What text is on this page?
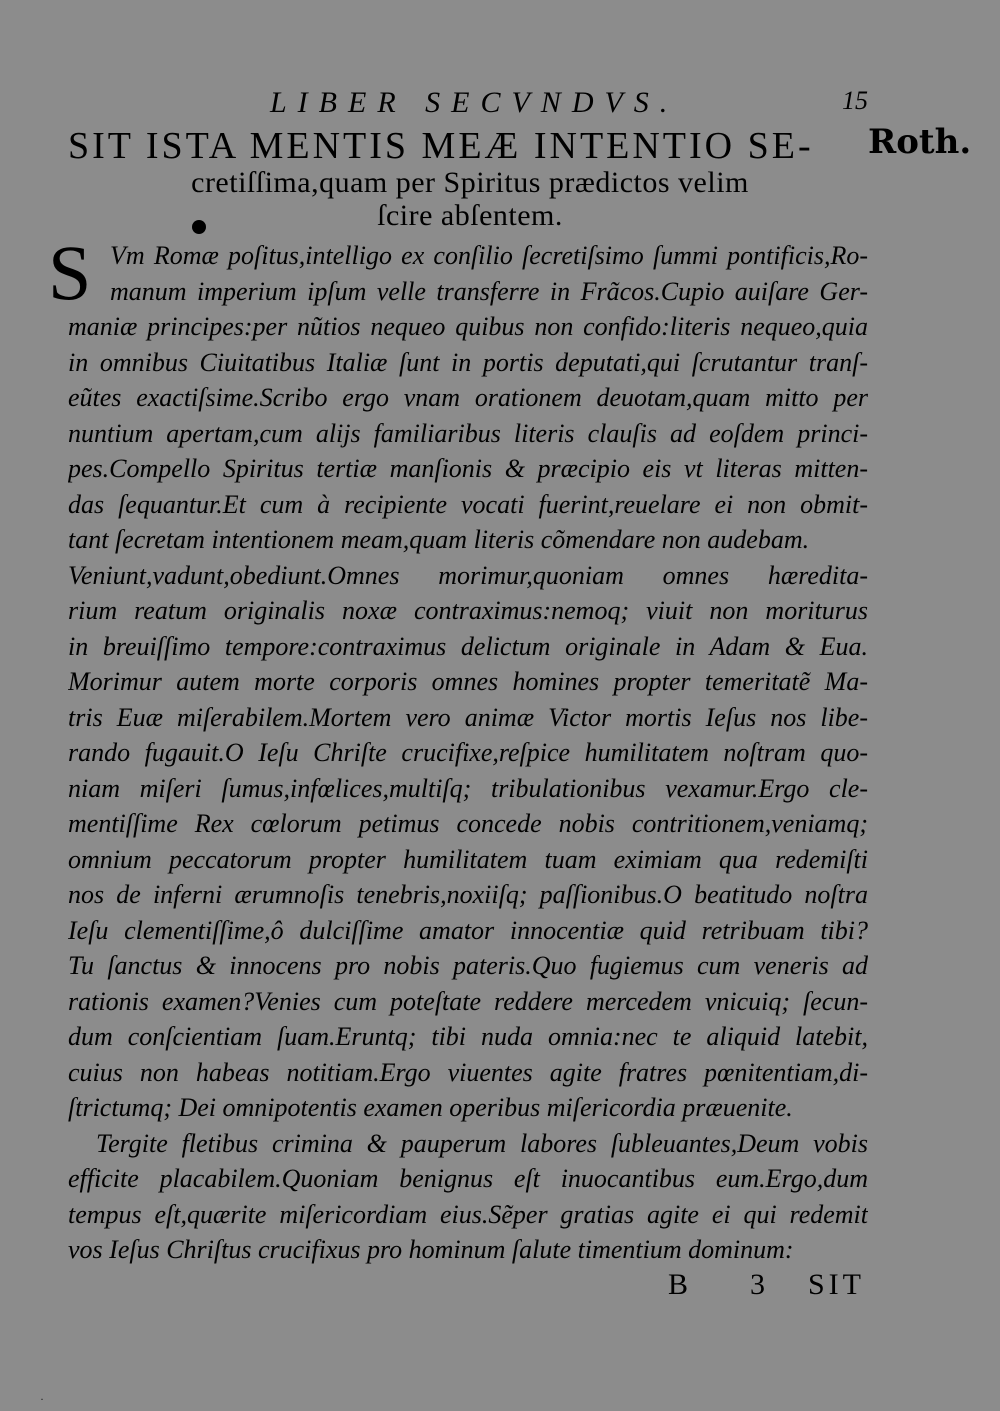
LIBER SECVNDVS.	15
Roth.
SIT ISTA MENTIS MEÆ INTENTIO SE-
cretiſſima,quam per Spiritus prædictos velim
ſcire abſentem.
S Vm Romæ poſitus,intelligo ex conſilio ſecretiſsimo ſummi pontificis,Ro-
manum imperium ipſum velle transferre in Frãcos.Cupio auiſare Ger-
maniæ principes:per nũtios nequeo quibus non confido:literis nequeo,quia
in omnibus Ciuitatibus Italiæ ſunt in portis deputati,qui ſcrutantur tranſ-
eũtes exactiſsime.Scribo ergo vnam orationem deuotam,quam mitto per
nuntium apertam,cum alijs familiaribus literis clauſis ad eoſdem princi-
pes.Compello Spiritus tertiæ manſionis & præcipio eis vt literas mitten-
das ſequantur.Et cum à recipiente vocati fuerint,reuelare ei non obmit-
tant ſecretam intentionem meam,quam literis cõmendare non audebam.
Veniunt,vadunt,obediunt.Omnes morimur,quoniam omnes hæredita-
rium reatum originalis noxæ contraximus:nemoq; viuit non moriturus
in breuiſſimo tempore:contraximus delictum originale in Adam & Eua.
Morimur autem morte corporis omnes homines propter temeritatẽ Ma-
tris Euæ miſerabilem.Mortem vero animæ Victor mortis Ieſus nos libe-
rando fugauit.O Ieſu Chriſte crucifixe,reſpice humilitatem noſtram quo-
niam miſeri ſumus,infœlices,multiſq; tribulationibus vexamur.Ergo cle-
mentiſſime Rex cœlorum petimus concede nobis contritionem,veniamq;
omnium peccatorum propter humilitatem tuam eximiam qua redemiſti
nos de inferni ærumnoſis tenebris,noxiiſq; paſſionibus.O beatitudo noſtra
Ieſu clementiſſime,ô dulciſſime amator innocentiæ quid retribuam tibi?
Tu ſanctus & innocens pro nobis pateris.Quo fugiemus cum veneris ad
rationis examen?Venies cum poteſtate reddere mercedem vnicuiq; ſecun-
dum conſcientiam ſuam.Eruntq; tibi nuda omnia:nec te aliquid latebit,
cuius non habeas notitiam.Ergo viuentes agite fratres pœnitentiam,di-
ſtrictumq; Dei omnipotentis examen operibus miſericordia præuenite.
Tergite fletibus crimina & pauperum labores ſubleuantes,Deum vobis
efficite placabilem.Quoniam benignus eſt inuocantibus eum.Ergo,dum
tempus eſt,quærite miſericordiam eius.Sẽper gratias agite ei qui redemit
vos Ieſus Chriſtus crucifixus pro hominum ſalute timentium dominum:
B 3 SIT
·
